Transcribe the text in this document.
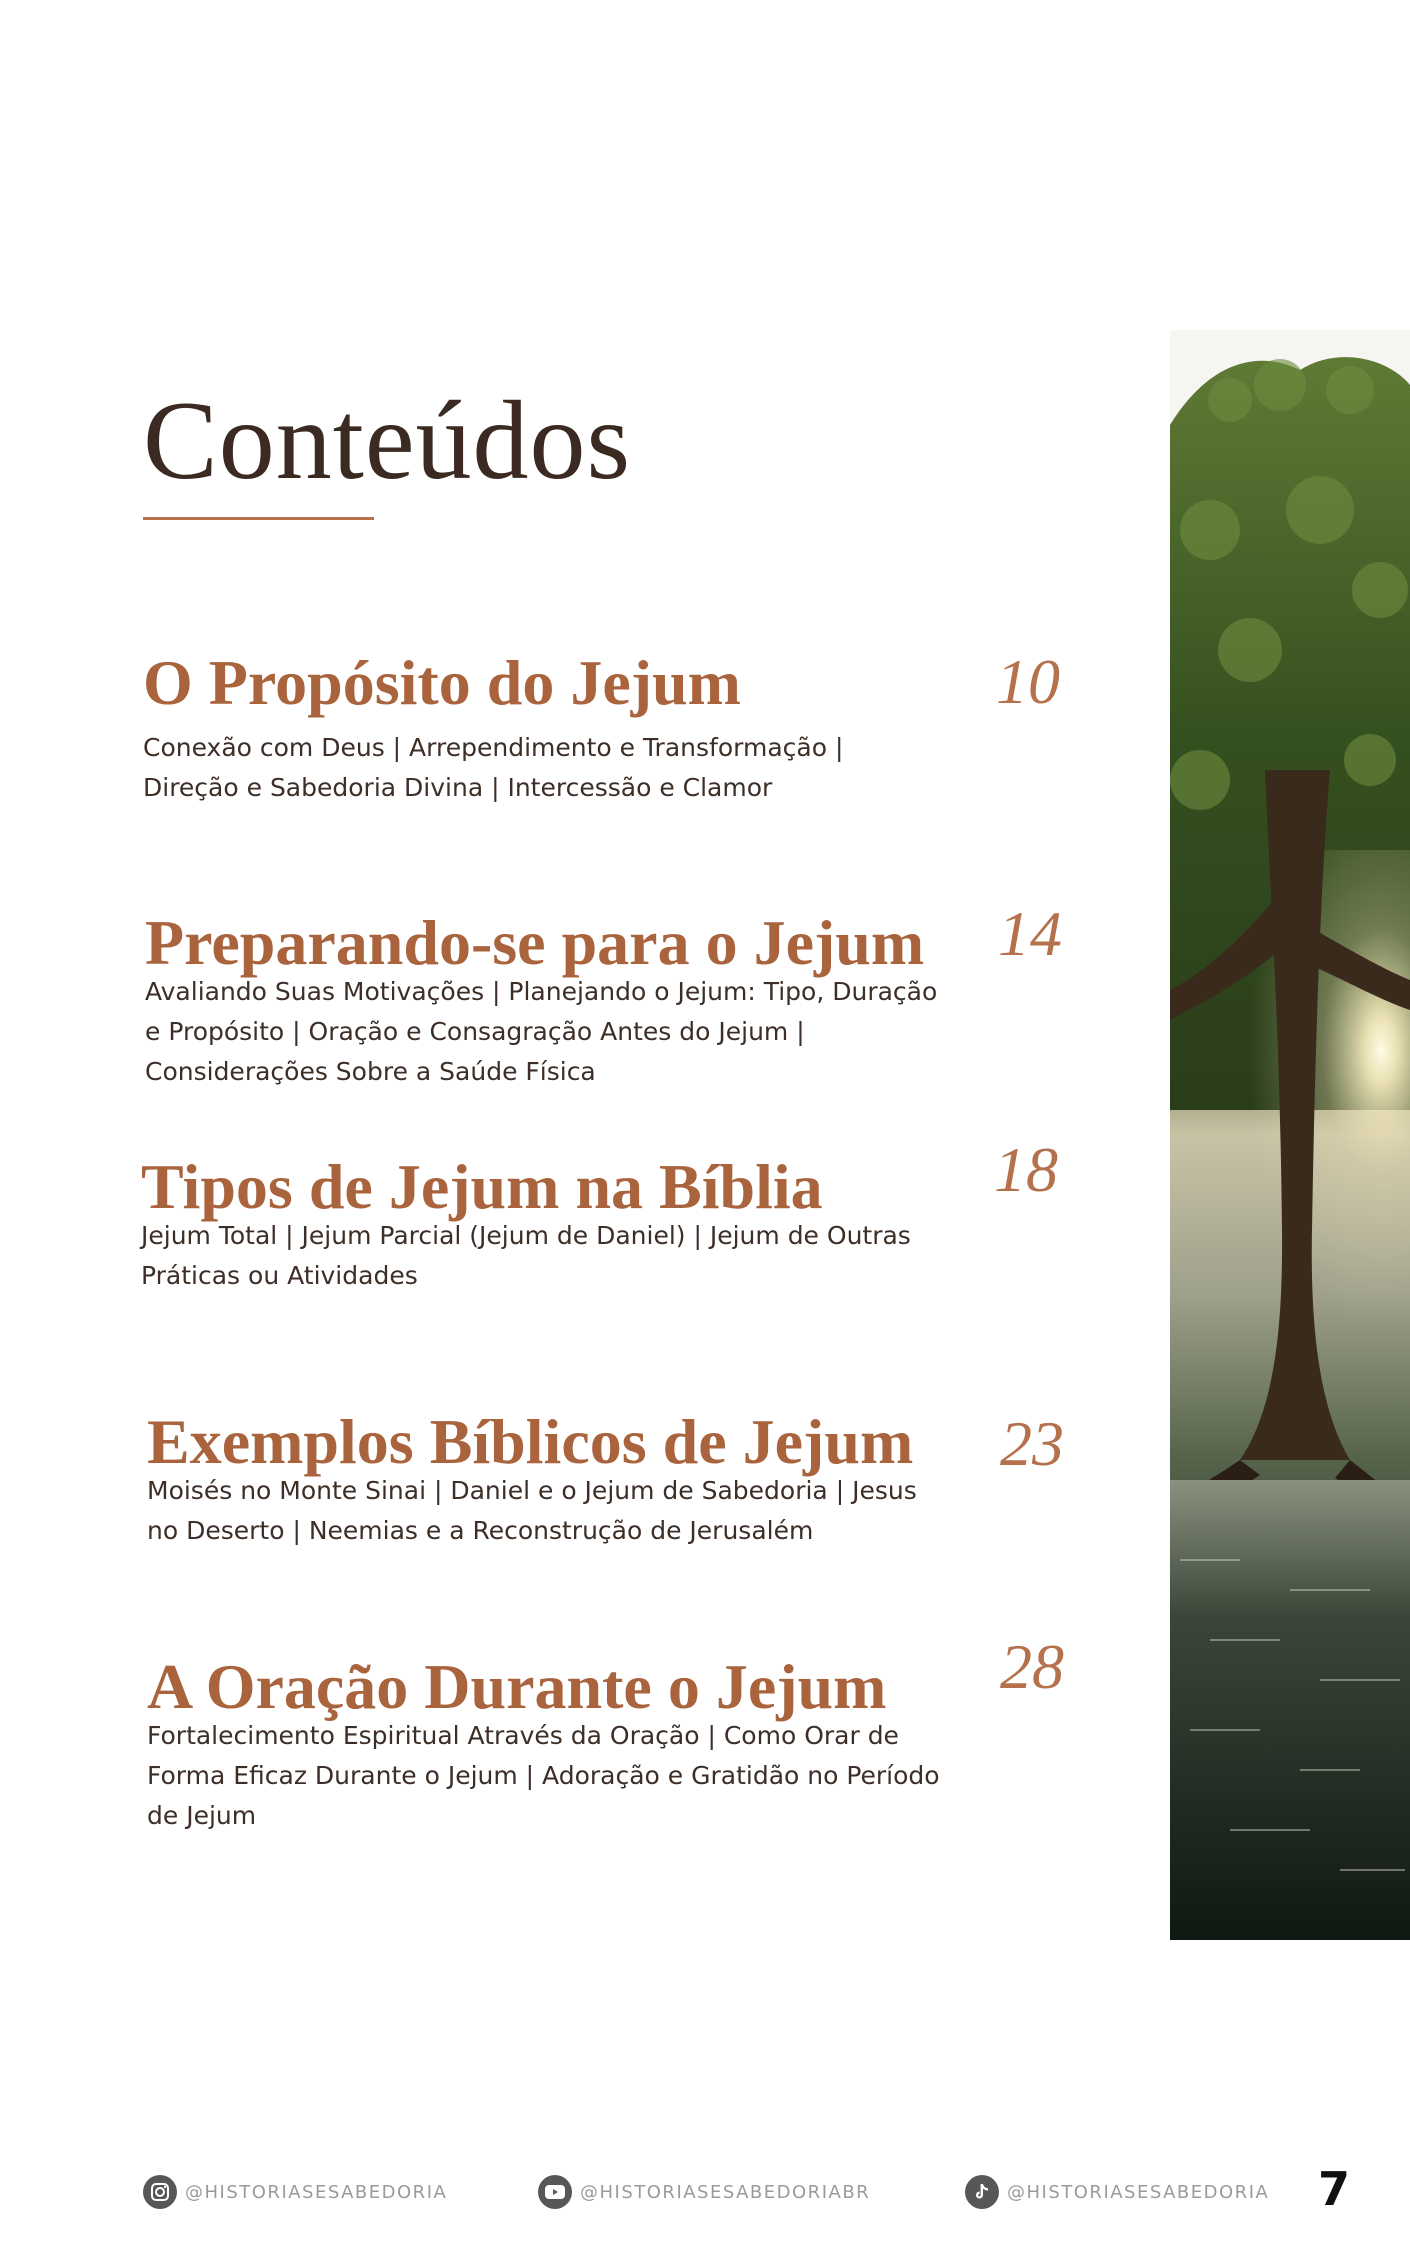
Conteúdos
O Propósito do Jejum

Conexão com Deus | Arrependimento e Transformação | Direção e Sabedoria Divina | Intercessão e Clamor

10
Preparando-se para o Jejum

Avaliando Suas Motivações | Planejando o Jejum: Tipo, Duração e Propósito | Oração e Consagração Antes do Jejum | Considerações Sobre a Saúde Física

14
Tipos de Jejum na Bíblia

Jejum Total | Jejum Parcial (Jejum de Daniel) | Jejum de Outras Práticas ou Atividades

18
Exemplos Bíblicos de Jejum

Moisés no Monte Sinai | Daniel e o Jejum de Sabedoria | Jesus no Deserto | Neemias e a Reconstrução de Jerusalém

23
A Oração Durante o Jejum

Fortalecimento Espiritual Através da Oração | Como Orar de Forma Eficaz Durante o Jejum | Adoração e Gratidão no Período de Jejum

28
@HISTORIASESABEDORIA	@HISTORIASESABEDORIABR	@HISTORIASESABEDORIA 7
